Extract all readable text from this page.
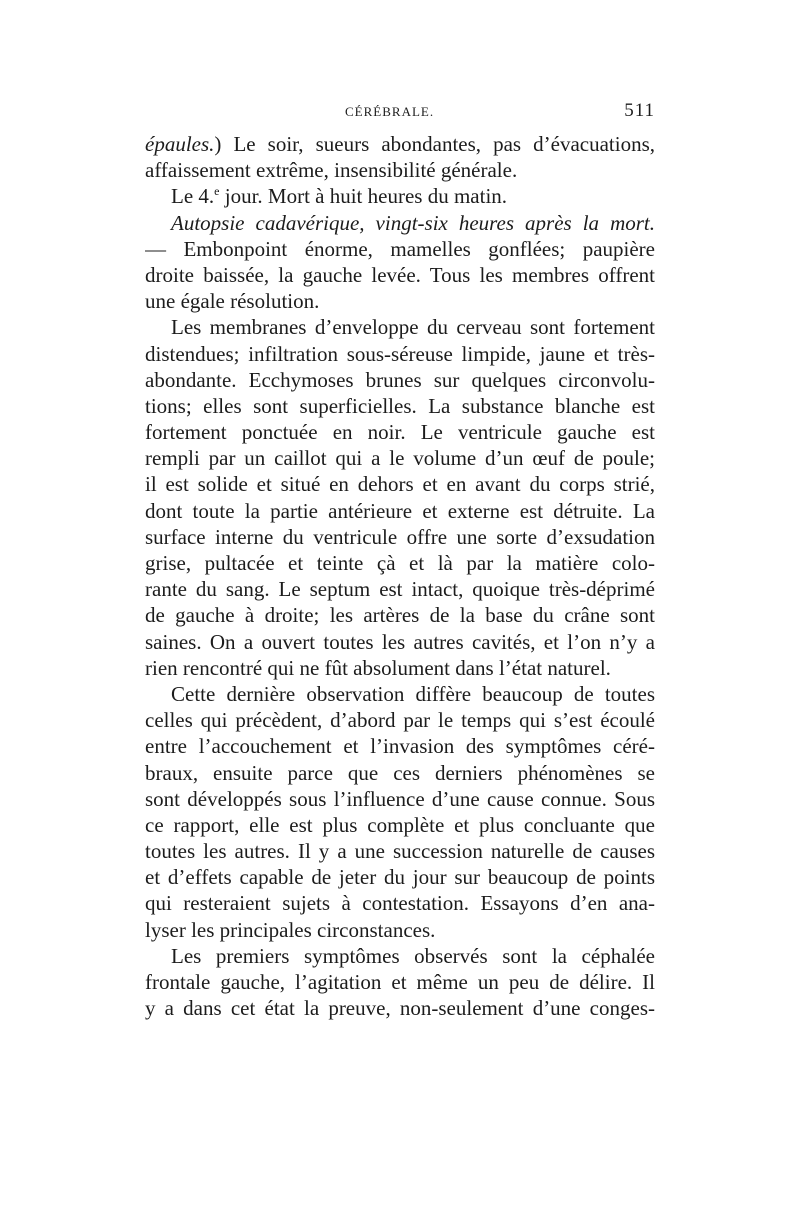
CÉRÉBRALE.	511
épaules.) Le soir, sueurs abondantes, pas d’évacuations,
affaissement extrême, insensibilité générale.
Le 4.$^e$ jour. Mort à huit heures du matin.
Autopsie cadavérique, vingt-six heures après la mort.
— Embonpoint énorme, mamelles gonflées; paupière
droite baissée, la gauche levée. Tous les membres offrent
une égale résolution.
Les membranes d’enveloppe du cerveau sont fortement
distendues; infiltration sous-séreuse limpide, jaune et très-
abondante. Ecchymoses brunes sur quelques circonvolu-
tions; elles sont superficielles. La substance blanche est
fortement ponctuée en noir. Le ventricule gauche est
rempli par un caillot qui a le volume d’un œuf de poule;
il est solide et situé en dehors et en avant du corps strié,
dont toute la partie antérieure et externe est détruite. La
surface interne du ventricule offre une sorte d’exsudation
grise, pultacée et teinte çà et là par la matière colo-
rante du sang. Le septum est intact, quoique très-déprimé
de gauche à droite; les artères de la base du crâne sont
saines. On a ouvert toutes les autres cavités, et l’on n’y a
rien rencontré qui ne fût absolument dans l’état naturel.
Cette dernière observation diffère beaucoup de toutes
celles qui précèdent, d’abord par le temps qui s’est écoulé
entre l’accouchement et l’invasion des symptômes céré-
braux, ensuite parce que ces derniers phénomènes se
sont développés sous l’influence d’une cause connue. Sous
ce rapport, elle est plus complète et plus concluante que
toutes les autres. Il y a une succession naturelle de causes
et d’effets capable de jeter du jour sur beaucoup de points
qui resteraient sujets à contestation. Essayons d’en ana-
lyser les principales circonstances.
Les premiers symptômes observés sont la céphalée
frontale gauche, l’agitation et même un peu de délire. Il
y a dans cet état la preuve, non-seulement d’une conges-
